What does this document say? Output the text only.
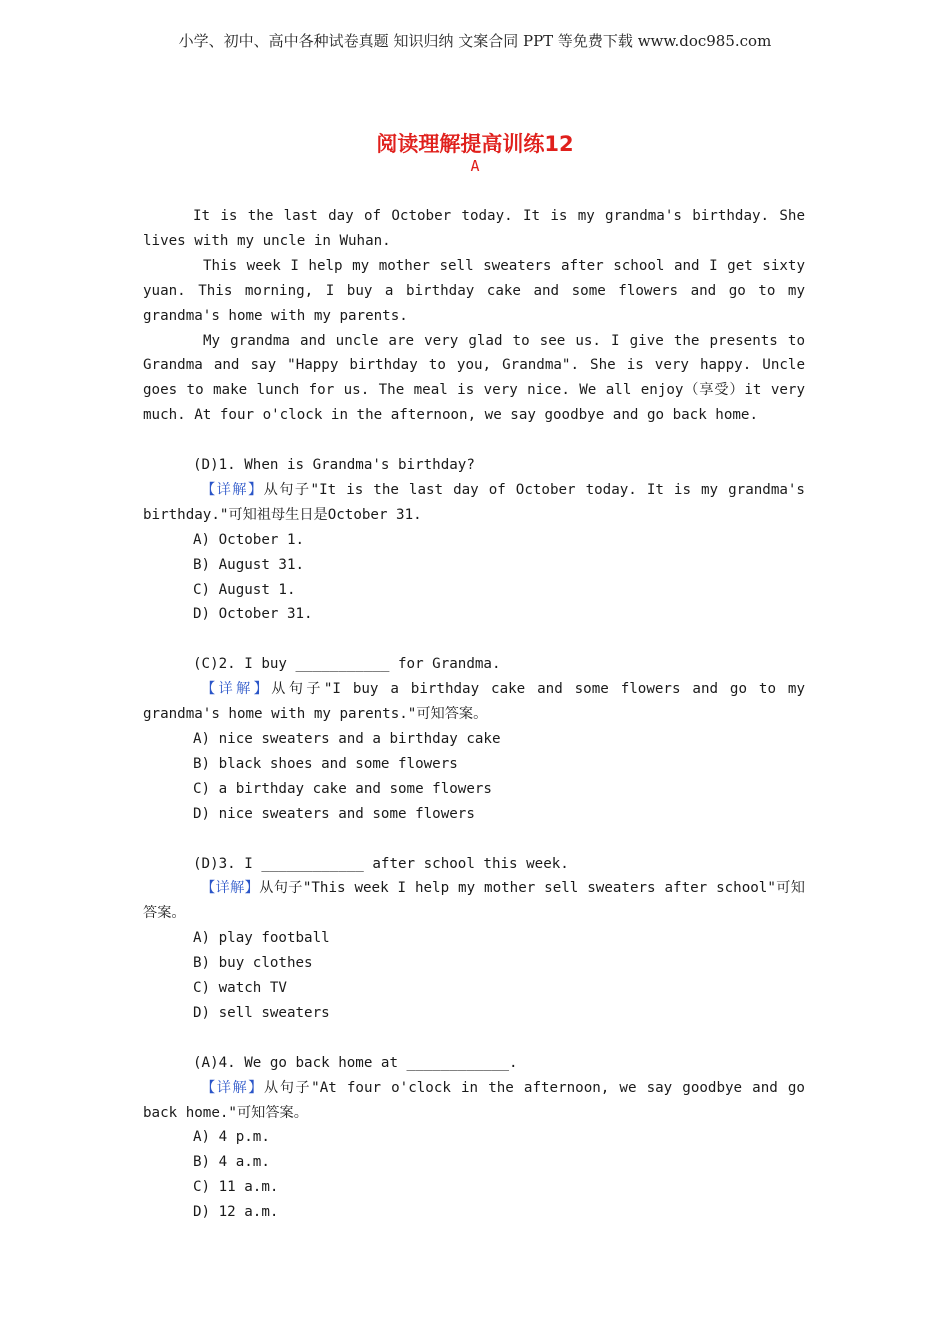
小学、初中、高中各种试卷真题 知识归纳 文案合同 PPT 等免费下载 www.doc985.com
阅读理解提高训练12
A

It is the last day of October today. It is my grandma's birthday. She lives with my uncle in Wuhan.

This week I help my mother sell sweaters after school and I get sixty yuan. This morning, I buy a birthday cake and some flowers and go to my grandma's home with my parents.

My grandma and uncle are very glad to see us. I give the presents to Grandma and say "Happy birthday to you, Grandma". She is very happy. Uncle goes to make lunch for us. The meal is very nice. We all enjoy（享受）it very much. At four o'clock in the afternoon, we say goodbye and go back home.

(D)1. When is Grandma's birthday?

【详解】从句子"It is the last day of October today. It is my grandma's birthday."可知祖母生日是October 31.

A) October 1.

B) August 31.

C) August 1.

D) October 31.

(C)2. I buy ___________ for Grandma.

【详解】从句子"I buy a birthday cake and some flowers and go to my grandma's home with my parents."可知答案。

A) nice sweaters and a birthday cake

B) black shoes and some flowers

C) a birthday cake and some flowers

D) nice sweaters and some flowers

(D)3. I ____________ after school this week.

【详解】从句子"This week I help my mother sell sweaters after school"可知答案。

A) play football

B) buy clothes

C) watch TV

D) sell sweaters

(A)4. We go back home at ____________.

【详解】从句子"At four o'clock in the afternoon, we say goodbye and go back home."可知答案。

A) 4 p.m.

B) 4 a.m.

C) 11 a.m.

D) 12 a.m.
